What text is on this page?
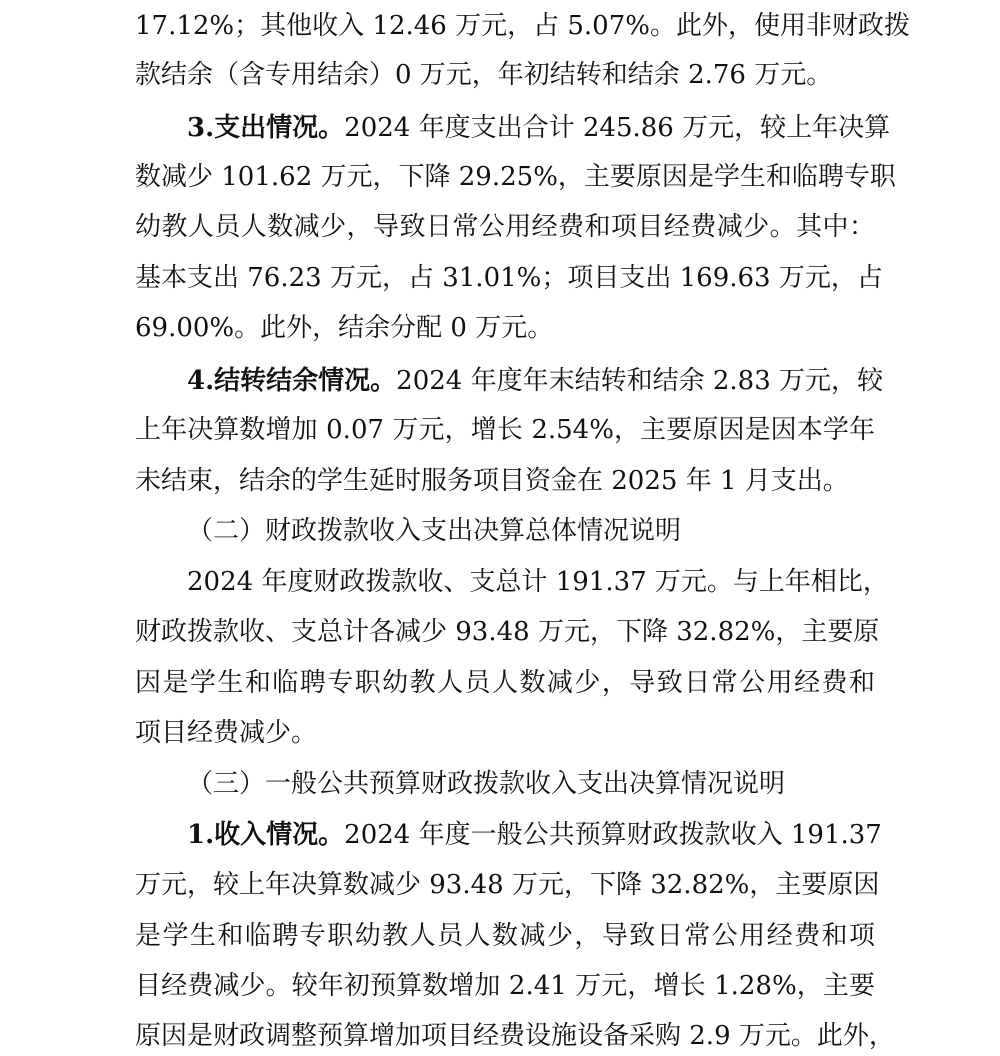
17.12%；其他收入 12.46 万元，占 5.07%。此外，使用非财政拨
款结余（含专用结余）0 万元，年初结转和结余 2.76 万元。
3.支出情况。2024 年度支出合计 245.86 万元，较上年决算
数减少 101.62 万元，下降 29.25%，主要原因是学生和临聘专职
幼教人员人数减少，导致日常公用经费和项目经费减少。其中：
基本支出 76.23 万元，占 31.01%；项目支出 169.63 万元，占
69.00%。此外，结余分配 0 万元。
4.结转结余情况。2024 年度年末结转和结余 2.83 万元，较
上年决算数增加 0.07 万元，增长 2.54%，主要原因是因本学年
未结束，结余的学生延时服务项目资金在 2025 年 1 月支出。
（二）财政拨款收入支出决算总体情况说明
2024 年度财政拨款收、支总计 191.37 万元。与上年相比，
财政拨款收、支总计各减少 93.48 万元，下降 32.82%，主要原
因是学生和临聘专职幼教人员人数减少，导致日常公用经费和
项目经费减少。
（三）一般公共预算财政拨款收入支出决算情况说明
1.收入情况。2024 年度一般公共预算财政拨款收入 191.37
万元，较上年决算数减少 93.48 万元，下降 32.82%，主要原因
是学生和临聘专职幼教人员人数减少，导致日常公用经费和项
目经费减少。较年初预算数增加 2.41 万元，增长 1.28%，主要
原因是财政调整预算增加项目经费设施设备采购 2.9 万元。此外，
